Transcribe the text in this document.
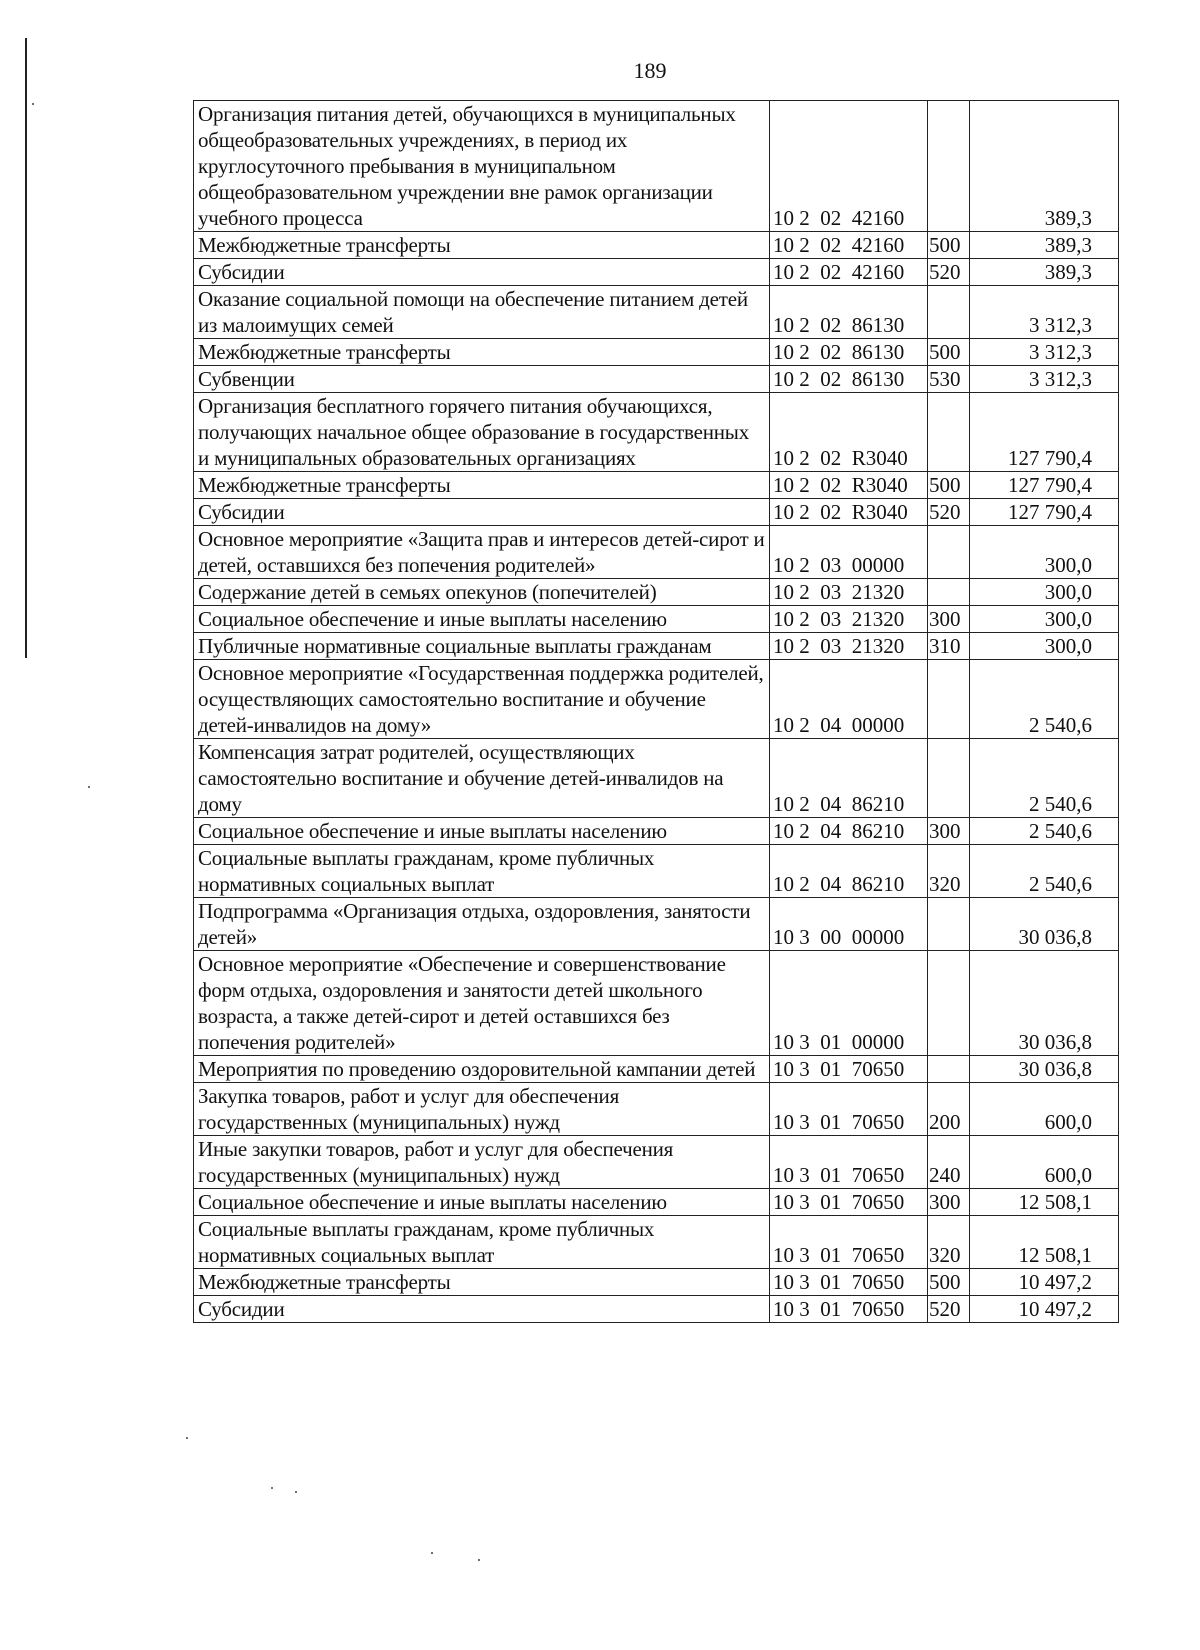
189
Организация питания детей, обучающихся в муниципальных общеобразовательных учреждениях, в период их круглосуточного пребывания в муниципальном общеобразовательном учреждении вне рамок организации учебного процесса	10 2  02  42160		389,3
Межбюджетные трансферты	10 2  02  42160	500	389,3
Субсидии	10 2  02  42160	520	389,3
Оказание социальной помощи на обеспечение питанием детей из малоимущих семей	10 2  02  86130		3 312,3
Межбюджетные трансферты	10 2  02  86130	500	3 312,3
Субвенции	10 2  02  86130	530	3 312,3
Организация бесплатного горячего питания обучающихся, получающих начальное общее образование в государственных и муниципальных образовательных организациях	10 2  02  R3040		127 790,4
Межбюджетные трансферты	10 2  02  R3040	500	127 790,4
Субсидии	10 2  02  R3040	520	127 790,4
Основное мероприятие «Защита прав и интересов детей-сирот и детей, оставшихся без попечения родителей»	10 2  03  00000		300,0
Содержание детей в семьях опекунов (попечителей)	10 2  03  21320		300,0
Социальное обеспечение и иные выплаты населению	10 2  03  21320	300	300,0
Публичные нормативные социальные выплаты гражданам	10 2  03  21320	310	300,0
Основное мероприятие «Государственная поддержка родителей, осуществляющих самостоятельно воспитание и обучение детей-инвалидов на дому»	10 2  04  00000		2 540,6
Компенсация затрат родителей, осуществляющих самостоятельно воспитание и обучение детей-инвалидов на дому	10 2  04  86210		2 540,6
Социальное обеспечение и иные выплаты населению	10 2  04  86210	300	2 540,6
Социальные выплаты гражданам, кроме публичных нормативных социальных выплат	10 2  04  86210	320	2 540,6
Подпрограмма «Организация отдыха, оздоровления, занятости детей»	10 3  00  00000		30 036,8
Основное мероприятие «Обеспечение и совершенствование форм отдыха, оздоровления и занятости детей школьного возраста, а также детей-сирот и детей оставшихся без попечения родителей»	10 3  01  00000		30 036,8
Мероприятия по проведению оздоровительной кампании детей	10 3  01  70650		30 036,8
Закупка товаров, работ и услуг для обеспечения государственных (муниципальных) нужд	10 3  01  70650	200	600,0
Иные закупки товаров, работ и услуг для обеспечения государственных (муниципальных) нужд	10 3  01  70650	240	600,0
Социальное обеспечение и иные выплаты населению	10 3  01  70650	300	12 508,1
Социальные выплаты гражданам, кроме публичных нормативных социальных выплат	10 3  01  70650	320	12 508,1
Межбюджетные трансферты	10 3  01  70650	500	10 497,2
Субсидии	10 3  01  70650	520	10 497,2
